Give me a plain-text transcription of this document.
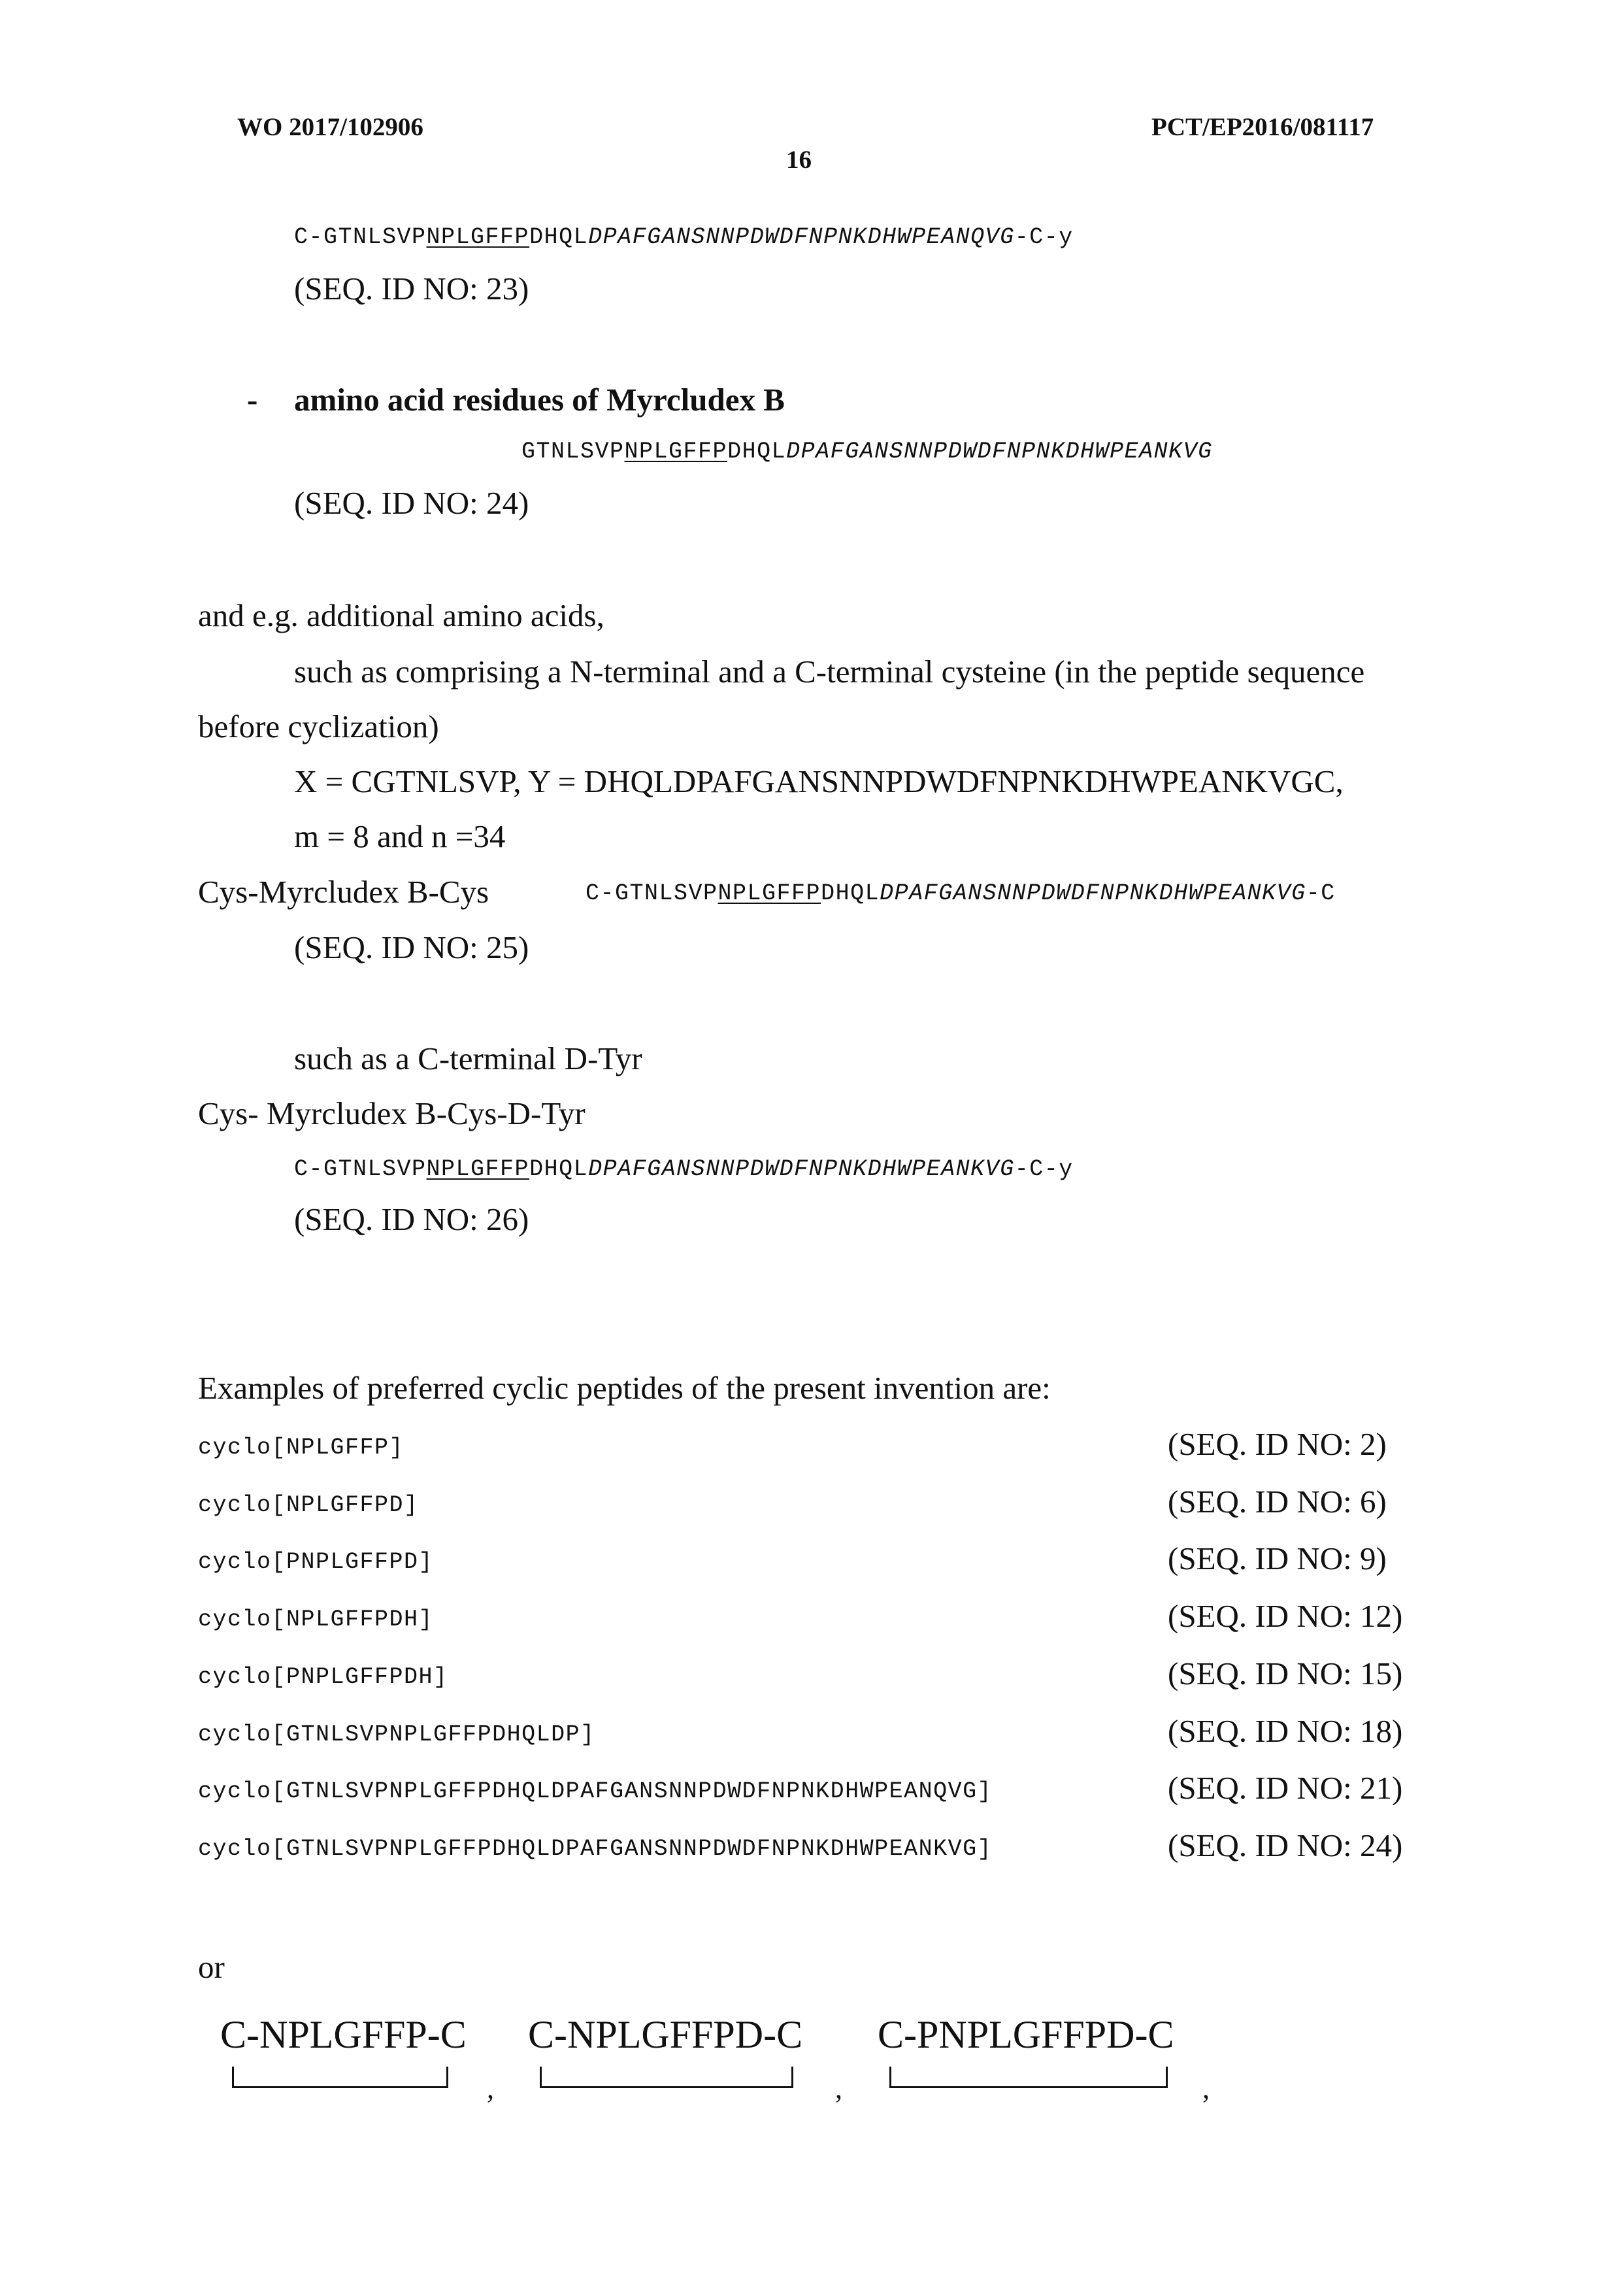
WO 2017/102906	PCT/EP2016/081117
16
C-GTNLSVPNPLGFFPDHQLDPAFGANSNNPDWDFNPNKDHWPEANQVG-C-y
(SEQ. ID NO: 23)
- amino acid residues of Myrcludex B
GTNLSVPNPLGFFPDHQLDPAFGANSNNPDWDFNPNKDHWPEANKVG
(SEQ. ID NO: 24)
and e.g. additional amino acids,
such as comprising a N-terminal and a C-terminal cysteine (in the peptide sequence
before cyclization)
X = CGTNLSVP, Y = DHQLDPAFGANSNNPDWDFNPNKDHWPEANKVGC,
m = 8 and n =34
Cys-Myrcludex B-Cys	C-GTNLSVPNPLGFFPDHQLDPAFGANSNNPDWDFNPNKDHWPEANKVG-C
(SEQ. ID NO: 25)
such as a C-terminal D-Tyr
Cys- Myrcludex B-Cys-D-Tyr
C-GTNLSVPNPLGFFPDHQLDPAFGANSNNPDWDFNPNKDHWPEANKVG-C-y
(SEQ. ID NO: 26)
Examples of preferred cyclic peptides of the present invention are:
cyclo[NPLGFFP]	(SEQ. ID NO: 2)
cyclo[NPLGFFPD]	(SEQ. ID NO: 6)
cyclo[PNPLGFFPD]	(SEQ. ID NO: 9)
cyclo[NPLGFFPDH]	(SEQ. ID NO: 12)
cyclo[PNPLGFFPDH]	(SEQ. ID NO: 15)
cyclo[GTNLSVPNPLGFFPDHQLDP]	(SEQ. ID NO: 18)
cyclo[GTNLSVPNPLGFFPDHQLDPAFGANSNNPDWDFNPNKDHWPEANQVG]	(SEQ. ID NO: 21)
cyclo[GTNLSVPNPLGFFPDHQLDPAFGANSNNPDWDFNPNKDHWPEANKVG]	(SEQ. ID NO: 24)
or
C-NPLGFFP-C
,
C-NPLGFFPD-C
,
C-PNPLGFFPD-C
,
